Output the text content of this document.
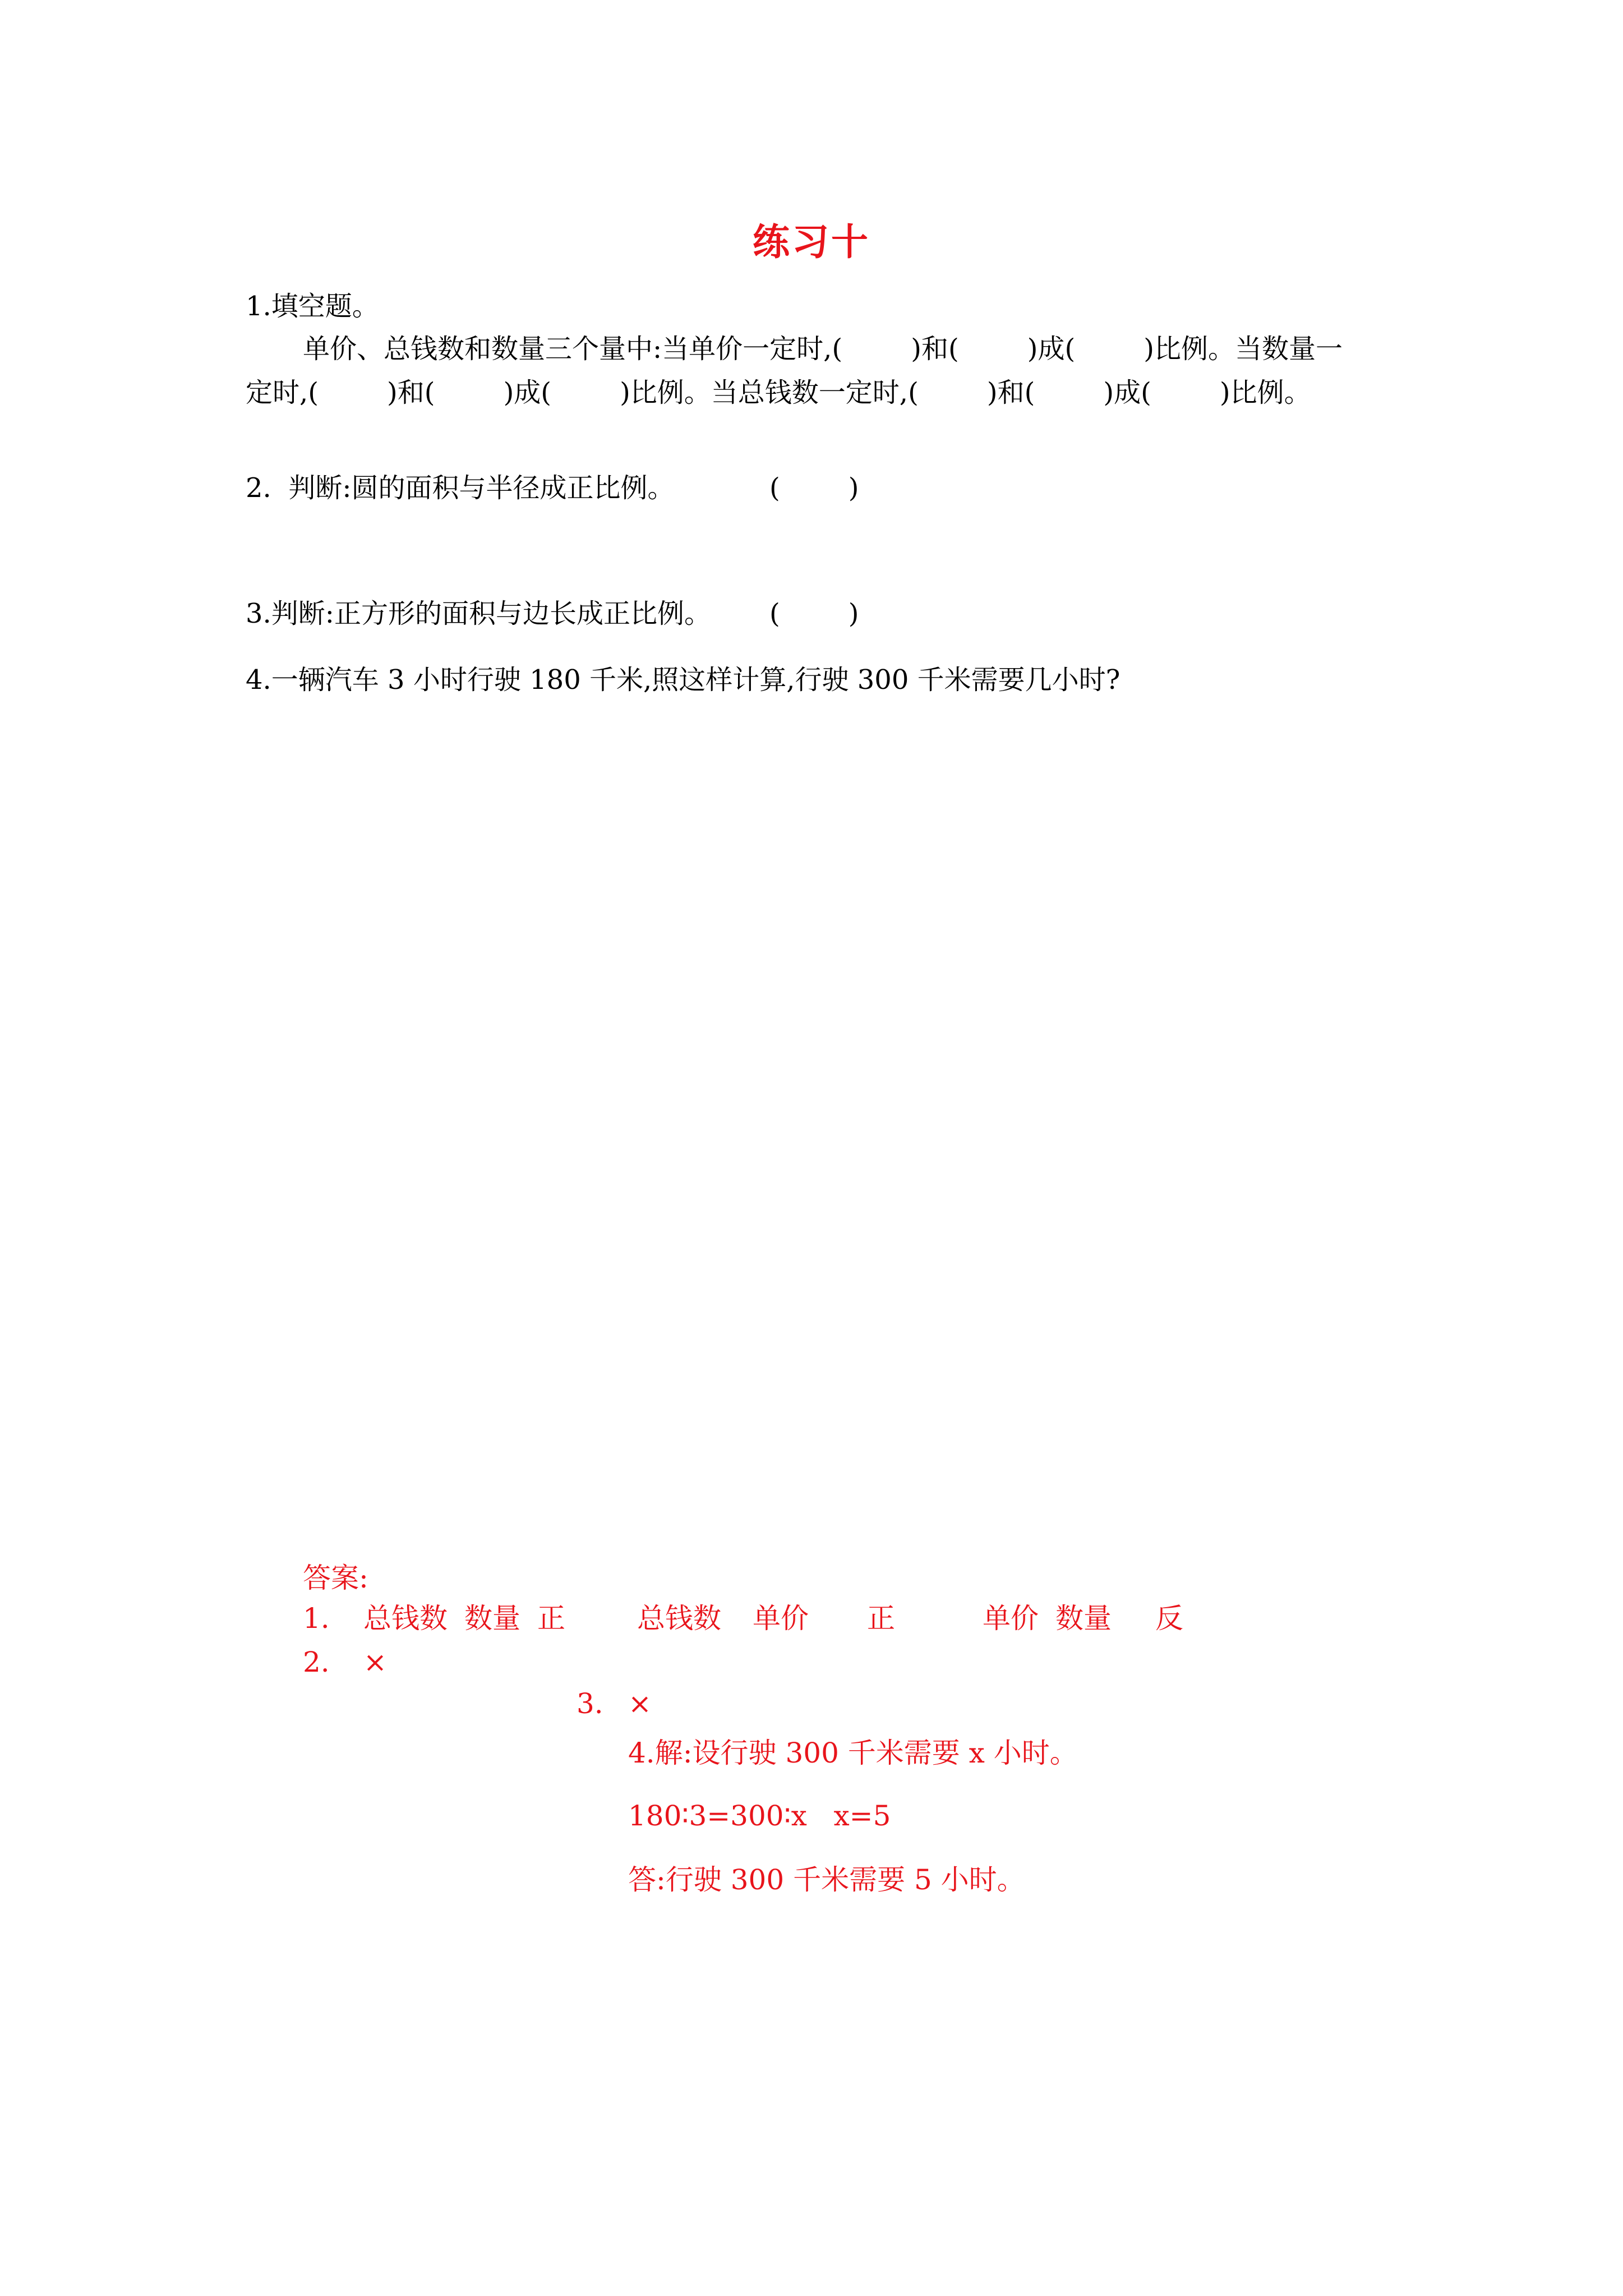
练习十
1.填空题。
单价、总钱数和数量三个量中:当单价一定时,(        )和(        )成(        )比例。当数量一
定时,(        )和(        )成(        )比例。当总钱数一定时,(        )和(        )成(        )比例。
2.  判断:圆的面积与半径成正比例。	(        )
3.判断:正方形的面积与边长成正比例。 (        )
4.一辆汽车 3 小时行驶 180 千米,照这样计算,行驶 300 千米需要几小时?
答案:
1. 总钱数 数量 正	总钱数 单价 正	单价 数量 反
2. ×
3. ×
4.解:设行驶 300 千米需要 x 小时。
180∶3=300∶x   x=5
答:行驶 300 千米需要 5 小时。
